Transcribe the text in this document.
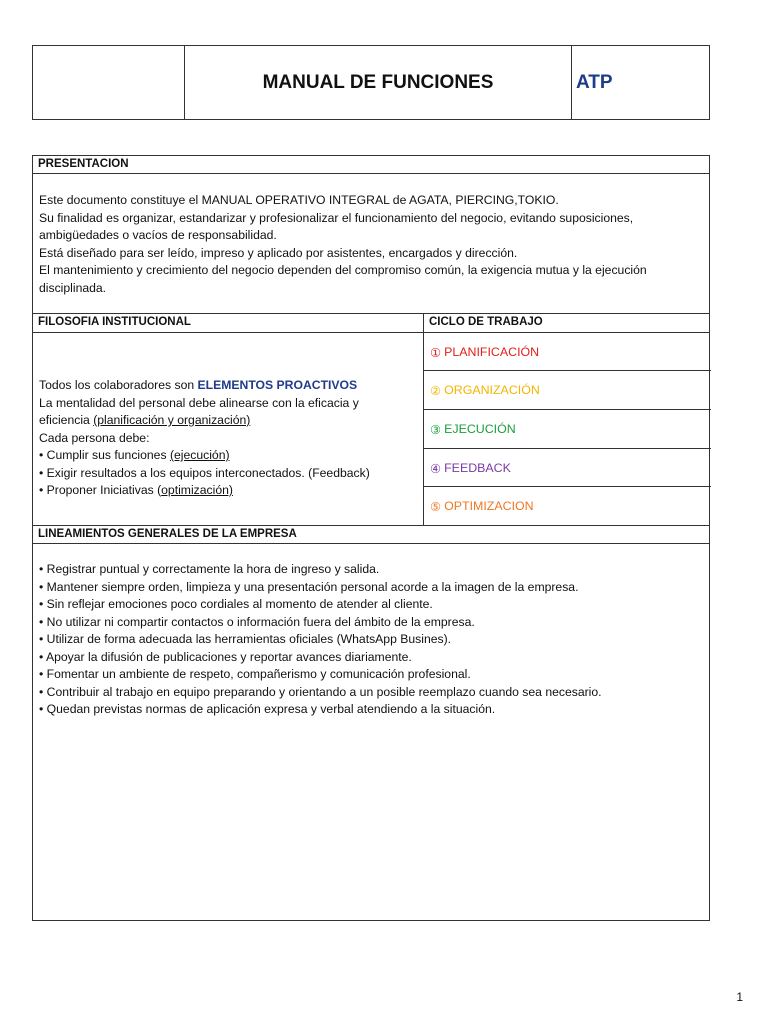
MANUAL DE FUNCIONES	ATP
PRESENTACION

Este documento constituye el MANUAL OPERATIVO INTEGRAL de AGATA, PIERCING,TOKIO.

Su finalidad es organizar, estandarizar y profesionalizar el funcionamiento del negocio, evitando suposiciones, ambigüedades o vacíos de responsabilidad.

Está diseñado para ser leído, impreso y aplicado por asistentes, encargados y dirección.

El mantenimiento y crecimiento del negocio dependen del compromiso común, la exigencia mutua y la ejecución disciplinada.

FILOSOFIA INSTITUCIONAL	CICLO DE TRABAJO

Todos los colaboradores son ELEMENTOS PROACTIVOS

La mentalidad del personal debe alinearse con la eficacia y eficiencia (planificación y organización)

Cada persona debe:

• Cumplir sus funciones (ejecución)

• Exigir resultados a los equipos interconectados. (Feedback)

• Proponer Iniciativas (optimización)

① PLANIFICACIÓN
② ORGANIZACIÓN
③ EJECUCIÓN
④ FEEDBACK
⑤ OPTIMIZACION
LINEAMIENTOS GENERALES DE LA EMPRESA

• Registrar puntual y correctamente la hora de ingreso y salida.

• Mantener siempre orden, limpieza y una presentación personal acorde a la imagen de la empresa.

• Sin reflejar emociones poco cordiales al momento de atender al cliente.

• No utilizar ni compartir contactos o información fuera del ámbito de la empresa.

• Utilizar de forma adecuada las herramientas oficiales (WhatsApp Busines).

• Apoyar la difusión de publicaciones y reportar avances diariamente.

• Fomentar un ambiente de respeto, compañerismo y comunicación profesional.

• Contribuir al trabajo en equipo preparando y orientando a un posible reemplazo cuando sea necesario.

• Quedan previstas normas de aplicación expresa y verbal atendiendo a la situación.

1
